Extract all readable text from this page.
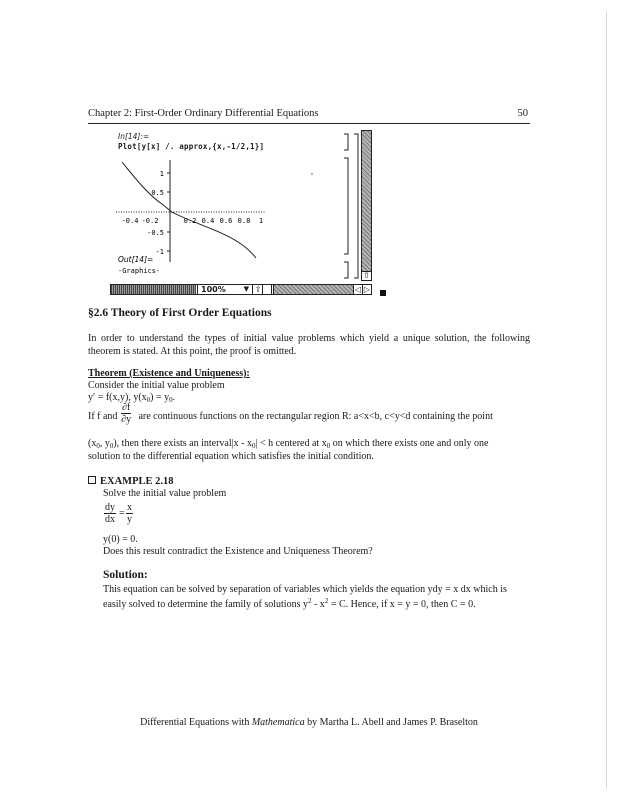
Chapter 2: First-Order Ordinary Differential Equations	50
In[14]:=
Plot[y[x] /. approx,{x,-1/2,1}]
1
0.5
-0.5
-1
-0.4 -0.2	0.2 0.4 0.6 0.8 1
Out[14]=
-Graphics-	⇧
100%	▼ ⇧	◁ ▷
§2.6 Theory of First Order Equations
In order to understand the types of initial value problems which yield a unique solution, the following theorem is stated. At this point, the proof is omitted.
Theorem (Existence and Uniqueness):
Consider the initial value problem
y′ = f(x,y), $y(x_0) = y_0$.
If f and are continuous functions on the rectangular region R: a<x<b, c<y<d containing the point
$\frac{\partial f}{\partial y}$
($x_0$, $y_0$), then there exists an interval|x - $x_0| < h$ centered at $x_0$ on which there exists one and only one
solution to the differential equation which satisfies the initial condition.
EXAMPLE 2.18
Solve the initial value problem
$\frac{dy}{dx} = \frac{x}{y}$
y(0) = 0.
Does this result contradict the Existence and Uniqueness Theorem?
Solution:
This equation can be solved by separation of variables which yields the equation ydy = x dx which is
easily solved to determine the family of solutions $y^2 - x^2 = C$. Hence, if x = y = 0, then C = 0.
Differential Equations with Mathematica by Martha L. Abell and James P. Braselton
